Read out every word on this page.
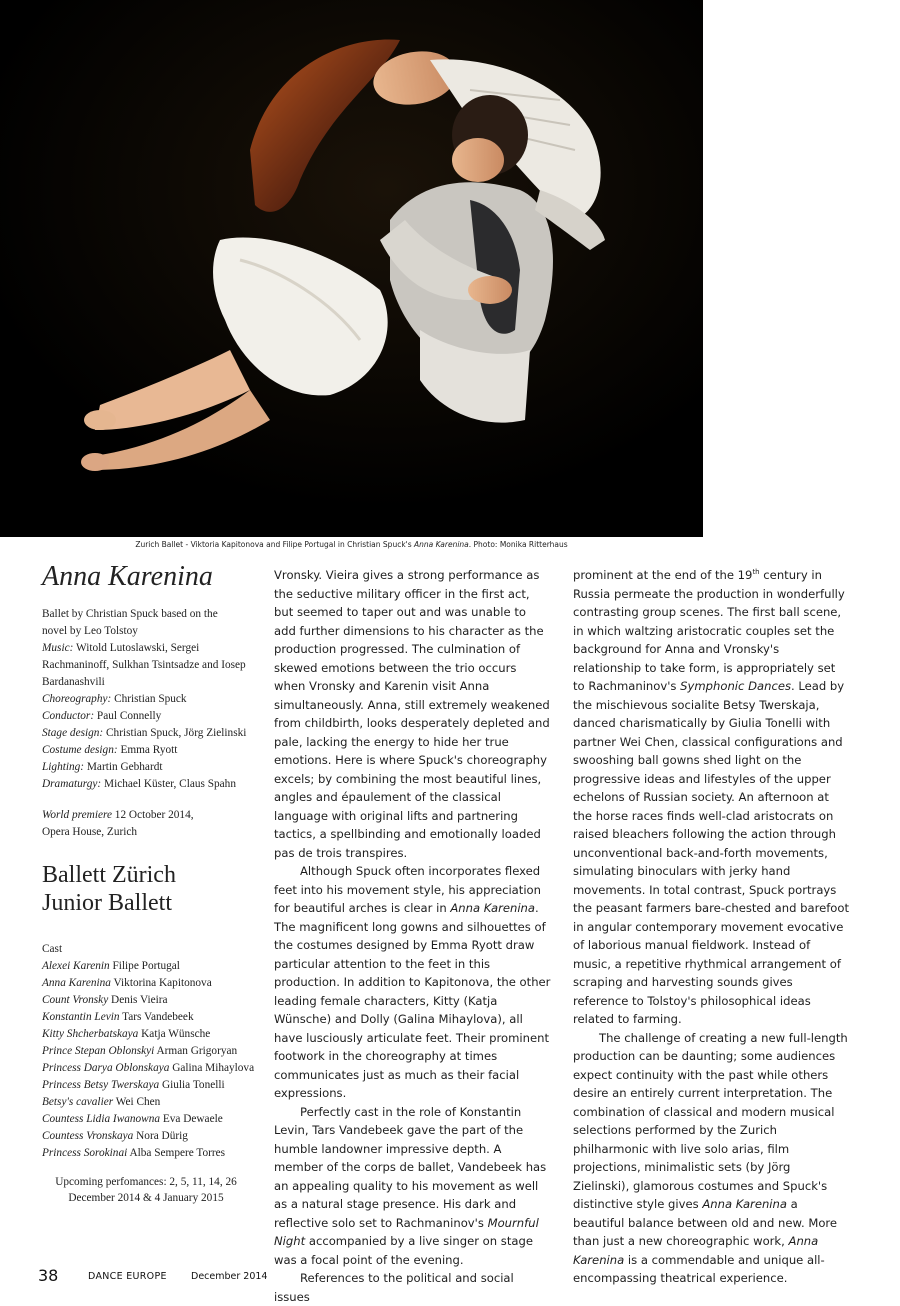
Zurich Ballet - Viktoria Kapitonova and Filipe Portugal in Christian Spuck's Anna Karenina. Photo: Monika Ritterhaus
Anna Karenina
Ballet by Christian Spuck based on the
novel by Leo Tolstoy
Music: Witold Lutoslawski, Sergei Rachmaninoff, Sulkhan Tsintsadze and Iosep Bardanashvili
Choreography: Christian Spuck
Conductor: Paul Connelly
Stage design: Christian Spuck, Jörg Zielinski
Costume design: Emma Ryott
Lighting: Martin Gebhardt
Dramaturgy: Michael Küster, Claus Spahn
World premiere 12 October 2014,
Opera House, Zurich
Ballett Zürich
Junior Ballett
Cast
Alexei Karenin Filipe Portugal
Anna Karenina Viktorina Kapitonova
Count Vronsky Denis Vieira
Konstantin Levin Tars Vandebeek
Kitty Shcherbatskaya Katja Wünsche
Prince Stepan Oblonskyi Arman Grigoryan
Princess Darya Oblonskaya Galina Mihaylova
Princess Betsy Twerskaya Giulia Tonelli
Betsy's cavalier Wei Chen
Countess Lidia Iwanowna Eva Dewaele
Countess Vronskaya Nora Dürig
Princess Sorokinai Alba Sempere Torres
Upcoming perfomances: 2, 5, 11, 14, 26
December 2014 & 4 January 2015

Vronsky. Vieira gives a strong performance as the seductive military officer in the first act, but seemed to taper out and was unable to add further dimensions to his character as the production progressed. The culmination of skewed emotions between the trio occurs when Vronsky and Karenin visit Anna simultaneously. Anna, still extremely weakened from childbirth, looks desperately depleted and pale, lacking the energy to hide her true emotions. Here is where Spuck's choreography excels; by combining the most beautiful lines, angles and épaulement of the classical language with original lifts and partnering tactics, a spellbinding and emotionally loaded pas de trois transpires.

Although Spuck often incorporates flexed feet into his movement style, his appreciation for beautiful arches is clear in Anna Karenina. The magnificent long gowns and silhouettes of the costumes designed by Emma Ryott draw particular attention to the feet in this production. In addition to Kapitonova, the other leading female characters, Kitty (Katja Wünsche) and Dolly (Galina Mihaylova), all have lusciously articulate feet. Their prominent footwork in the choreography at times communicates just as much as their facial expressions.

Perfectly cast in the role of Konstantin Levin, Tars Vandebeek gave the part of the humble landowner impressive depth. A member of the corps de ballet, Vandebeek has an appealing quality to his movement as well as a natural stage presence. His dark and reflective solo set to Rachmaninov's Mournful Night accompanied by a live singer on stage was a focal point of the evening.

References to the political and social issues

prominent at the end of the 19th century in Russia permeate the production in wonderfully contrasting group scenes. The first ball scene, in which waltzing aristocratic couples set the background for Anna and Vronsky's relationship to take form, is appropriately set to Rachmaninov's Symphonic Dances. Lead by the mischievous socialite Betsy Twerskaja, danced charismatically by Giulia Tonelli with partner Wei Chen, classical configurations and swooshing ball gowns shed light on the progressive ideas and lifestyles of the upper echelons of Russian society. An afternoon at the horse races finds well-clad aristocrats on raised bleachers following the action through unconventional back-and-forth movements, simulating binoculars with jerky hand movements. In total contrast, Spuck portrays the peasant farmers bare-chested and barefoot in angular contemporary movement evocative of laborious manual fieldwork. Instead of music, a repetitive rhythmical arrangement of scraping and harvesting sounds gives reference to Tolstoy's philosophical ideas related to farming.

The challenge of creating a new full-length production can be daunting; some audiences expect continuity with the past while others desire an entirely current interpretation. The combination of classical and modern musical selections performed by the Zurich philharmonic with live solo arias, film projections, minimalistic sets (by Jörg Zielinski), glamorous costumes and Spuck's distinctive style gives Anna Karenina a beautiful balance between old and new. More than just a new choreographic work, Anna Karenina is a commendable and unique all-encompassing theatrical experience.

38	DANCE EUROPE	December 2014
